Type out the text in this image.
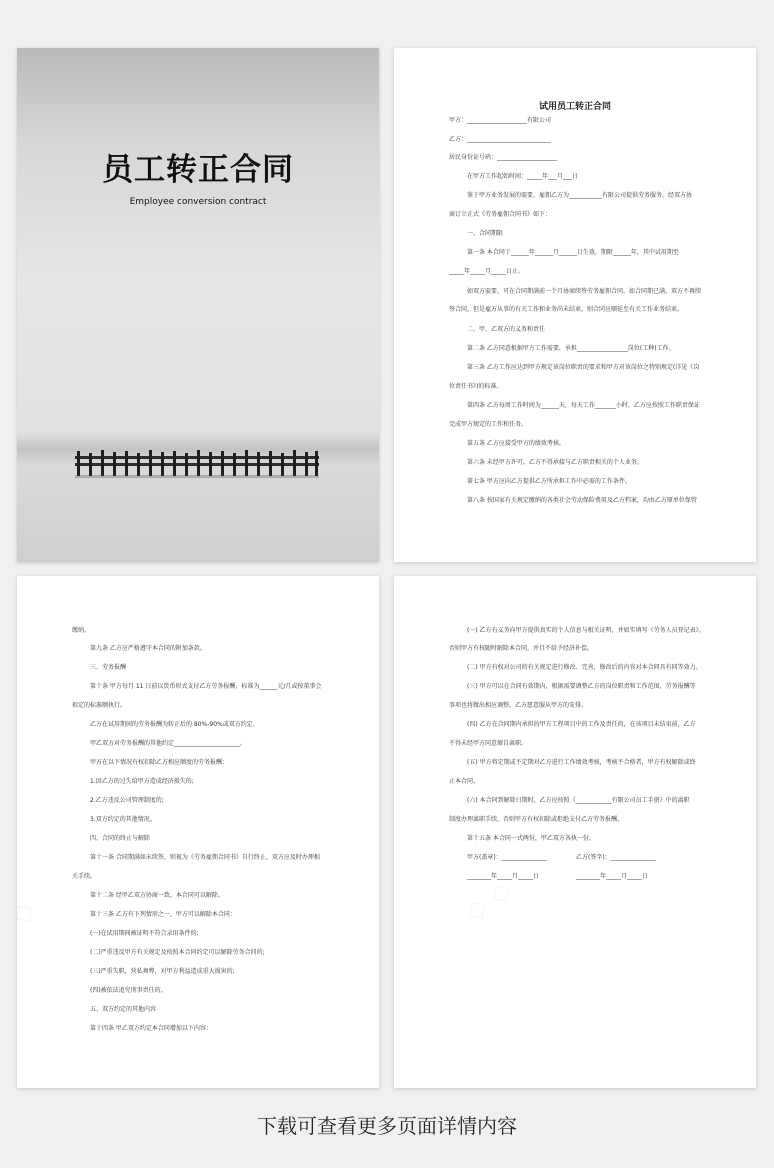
员工转正合同
Employee conversion contract
试用员工转正合同
甲方：____________________有限公司
乙方：____________________________
居民身份证号码：____________________
在甲方工作起始时间：_____年___月___日
鉴于甲方业务发展的需要，雇佣乙方为___________有限公司提供劳务服务，经双方协
商订立正式《劳务雇佣合同书》如下：
一、合同期限
第一条 本合同于______年______月______日生效，期限______年，其中试用期至
_____年_____月_____日止。
如双方需要，可在合同期满前一个月协商续签劳务雇佣合同。如合同期已满，双方不再续
签合同，但是雇方从事的有关工作和业务尚未结束，则合同应顺延至有关工作业务结束。
二、甲、乙双方的义务和责任
第二条 乙方同意根据甲方工作需要，承担_________________岗位(工种)工作。
第三条 乙方工作应达到甲方规定该岗位职责的要求和甲方对该岗位之特别规定(详见《岗
位责任书》)的标准。
第四条 乙方每周工作时间为______天，每天工作_______小时，乙方应按照工作职责保证
完成甲方规定的工作和任务。
第五条 乙方应接受甲方的绩效考核。
第六条 未经甲方许可，乙方不得承接与乙方职责相关的个人业务。
第七条 甲方应向乙方提供乙方所承担工作中必需的工作条件。
第八条 按国家有关规定缴纳的各类社会劳动保险费用及乙方档案，均由乙方原单位保管
缴纳。
第九条 乙方应严格遵守本合同的附加条款。
三、劳务报酬
第十条 甲方每月 11 日前以货币形式支付乙方劳务报酬，标准为______元/月或按董事会
拟定的标准额执行。
乙方在试用期间的劳务报酬为转正后的 80%-90%或双方约定．
甲乙双方对劳务报酬的其他约定______________________。
甲方在以下情况有权扣除乙方相应额度的劳务报酬：
1.因乙方的过失给甲方造成经济损失的;
2.乙方违反公司管理制度的;
3.双方约定的其他情况。
四、合同的终止与解除
第十一条 合同期满如未续签，则视为《劳务雇佣合同书》自行终止，双方应及时办理相
关手续。
第十二条 经甲乙双方协商一致，本合同可以解除。
第十三条 乙方有下列情形之一，甲方可以解除本合同：
(一)在试用期间被证明不符合录用条件的;
(二)严重违反甲方有关规定及按照本合同约定可以解除劳务合同的;
(三)严重失职，营私舞弊，对甲方利益造成重大损害的;
(四)被依法追究刑事责任的。
五、双方约定的其他内容
第十四条 甲乙双方约定本合同增加以下内容：
(一) 乙方有义务向甲方提供真实的个人信息与相关证明，并如实填写《劳务人员登记表》。
否则甲方有权随时解除本合同，并且不给予经济补偿。
(二) 甲方有权对公司的有关规定进行修改、完善，修改后的内容对本合同具有同等效力。
(三) 甲方可以在合同有效期内，根据需要调整乙方的岗位职责和工作范围，劳务报酬等
事项也将做出相应调整。乙方愿意服从甲方的安排。
(四) 乙方在合同期内承担的甲方工程项目中的工作及责任的，在该项目未结束前，乙方
不得未经甲方同意擅自离职。
(五) 甲方将定期或不定期对乙方进行工作绩效考核，考核不合格者，甲方有权解除或终
止本合同。
(六) 本合同到解除日期时，乙方应按照《____________有限公司员工手册》中的离职
制度办理离职手续，否则甲方有权扣除或拒绝支付乙方劳务报酬。
第十五条 本合同一式两份，甲乙双方各执一份。
甲方(盖章)：_______________	乙方(签字)：_______________
________年_____月_____日	________年_____月_____日
下载可查看更多页面详情内容
